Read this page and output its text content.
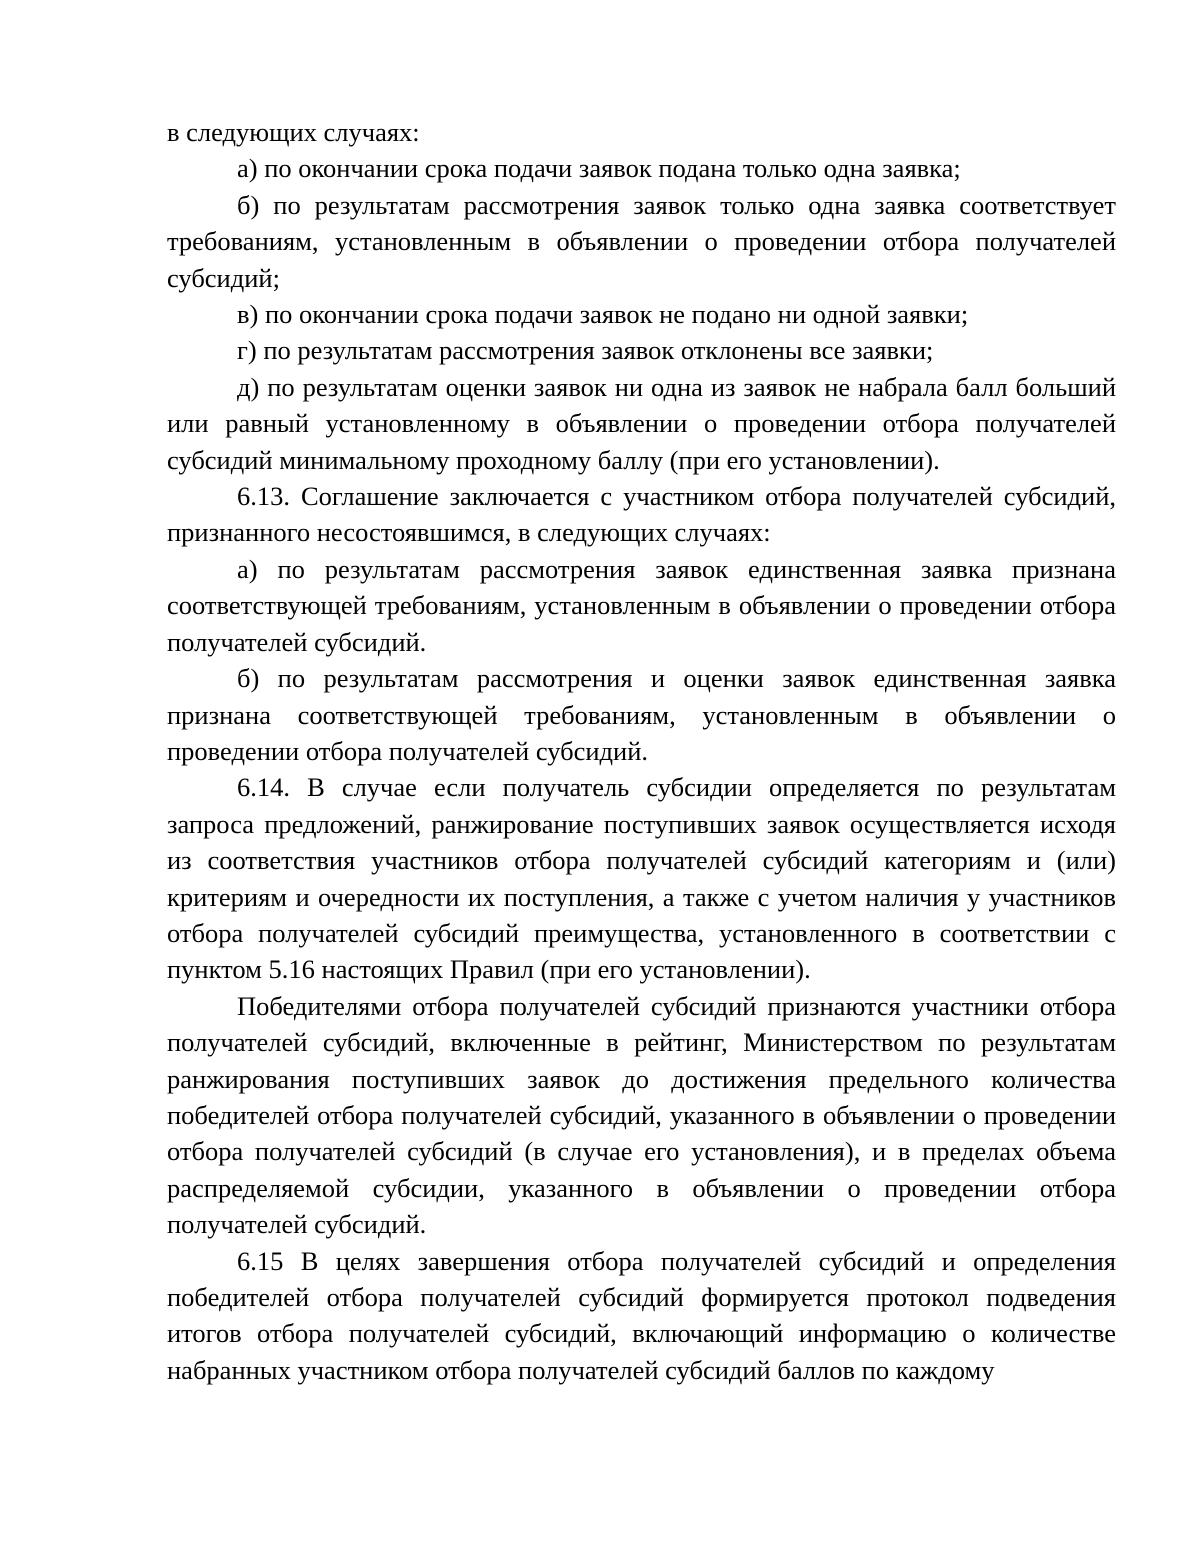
в следующих случаях:

а) по окончании срока подачи заявок подана только одна заявка;

б) по результатам рассмотрения заявок только одна заявка соответствует требованиям, установленным в объявлении о проведении отбора получателей субсидий;

в) по окончании срока подачи заявок не подано ни одной заявки;

г) по результатам рассмотрения заявок отклонены все заявки;

д) по результатам оценки заявок ни одна из заявок не набрала балл больший или равный установленному в объявлении о проведении отбора получателей субсидий минимальному проходному баллу (при его установлении).

6.13. Соглашение заключается с участником отбора получателей субсидий, признанного несостоявшимся, в следующих случаях:

а) по результатам рассмотрения заявок единственная заявка признана соответствующей требованиям, установленным в объявлении о проведении отбора получателей субсидий.

б) по результатам рассмотрения и оценки заявок единственная заявка признана соответствующей требованиям, установленным в объявлении о проведении отбора получателей субсидий.

6.14. В случае если получатель субсидии определяется по результатам запроса предложений, ранжирование поступивших заявок осуществляется исходя из соответствия участников отбора получателей субсидий категориям и (или) критериям и очередности их поступления, а также с учетом наличия у участников отбора получателей субсидий преимущества, установленного в соответствии с пунктом 5.16 настоящих Правил (при его установлении).

Победителями отбора получателей субсидий признаются участники отбора получателей субсидий, включенные в рейтинг, Министерством по результатам ранжирования поступивших заявок до достижения предельного количества победителей отбора получателей субсидий, указанного в объявлении о проведении отбора получателей субсидий (в случае его установления), и в пределах объема распределяемой субсидии, указанного в объявлении о проведении отбора получателей субсидий.

6.15 В целях завершения отбора получателей субсидий и определения победителей отбора получателей субсидий формируется протокол подведения итогов отбора получателей субсидий, включающий информацию о количестве набранных участником отбора получателей субсидий баллов по каждому
